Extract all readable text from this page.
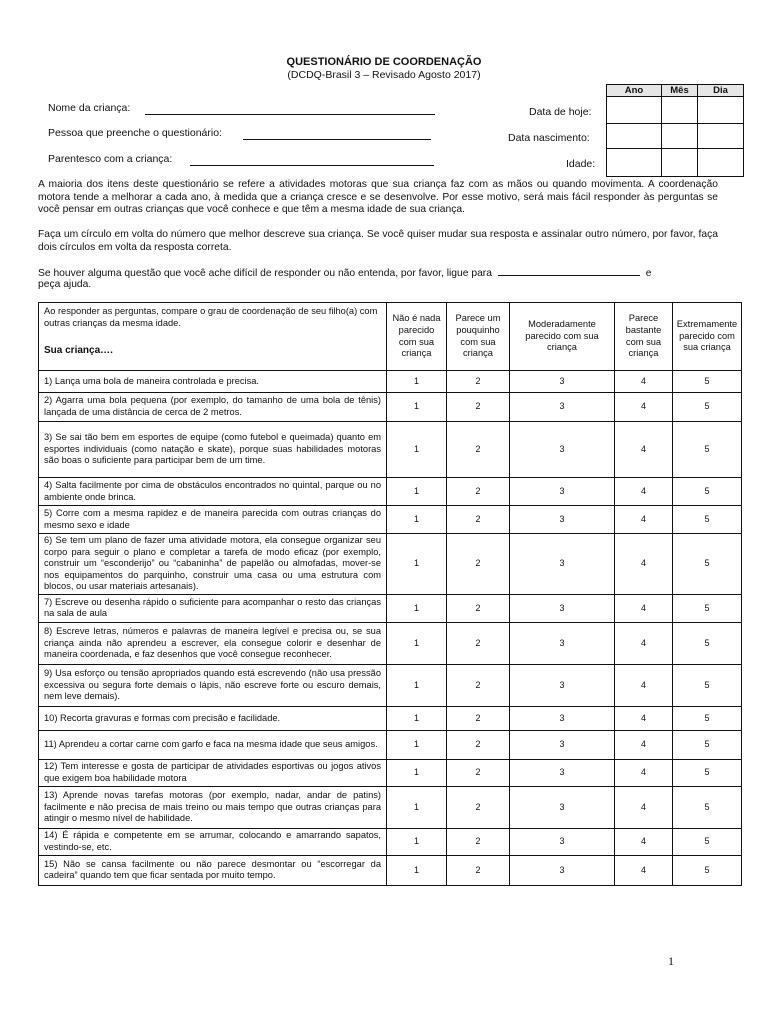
QUESTIONÁRIO DE COORDENAÇÃO
(DCDQ-Brasil 3 – Revisado Agosto 2017)
Nome da criança:
Pessoa que preenche o questionário:
Parentesco com a criança:
Data de hoje:
Data nascimento:
Idade:
Ano	Mês	Dia

A maioria dos itens deste questionário se refere a atividades motoras que sua criança faz com as mãos ou quando movimenta. A coordenação motora tende a melhorar a cada ano, à medida que a criança cresce e se desenvolve. Por esse motivo, será mais fácil responder às perguntas se você pensar em outras crianças que você conhece e que têm a mesma idade de sua criança.
Faça um círculo em volta do número que melhor descreve sua criança. Se você quiser mudar sua resposta e assinalar outro número, por favor, faça dois círculos em volta da resposta correta.
Se houver alguma questão que você ache difícil de responder ou não entenda, por favor, ligue para	e
peça ajuda.
Ao responder as perguntas, compare o grau de coordenação de seu filho(a) com outras crianças da mesma idade.
Sua criança….	Não é nada parecido com sua criança	Parece um pouquinho com sua criança	Moderadamente parecido com sua criança	Parece bastante com sua criança	Extremamente parecido com sua criança
1) Lança uma bola de maneira controlada e precisa.	1	2	3	4	5
2) Agarra uma bola pequena (por exemplo, do tamanho de uma bola de tênis) lançada de uma distância de cerca de 2 metros.	1	2	3	4	5
3) Se sai tão bem em esportes de equipe (como futebol e queimada) quanto em esportes individuais (como natação e skate), porque suas habilidades motoras são boas o suficiente para participar bem de um time.	1	2	3	4	5
4) Salta facilmente por cima de obstáculos encontrados no quintal, parque ou no ambiente onde brinca.	1	2	3	4	5
5) Corre com a mesma rapidez e de maneira parecida com outras crianças do mesmo sexo e idade	1	2	3	4	5
6) Se tem um plano de fazer uma atividade motora, ela consegue organizar seu corpo para seguir o plano e completar a tarefa de modo eficaz (por exemplo, construir um “esconderijo” ou “cabaninha” de papelão ou almofadas, mover-se nos equipamentos do parquinho, construir uma casa ou uma estrutura com blocos, ou usar materiais artesanais).	1	2	3	4	5
7) Escreve ou desenha rápido o suficiente para acompanhar o resto das crianças na sala de aula	1	2	3	4	5
8) Escreve letras, números e palavras de maneira legível e precisa ou, se sua criança ainda não aprendeu a escrever, ela consegue colorir e desenhar de maneira coordenada, e faz desenhos que você consegue reconhecer.	1	2	3	4	5
9) Usa esforço ou tensão apropriados quando está escrevendo (não usa pressão excessiva ou segura forte demais o lápis, não escreve forte ou escuro demais, nem leve demais).	1	2	3	4	5
10) Recorta gravuras e formas com precisão e facilidade.	1	2	3	4	5
11) Aprendeu a cortar carne com garfo e faca na mesma idade que seus amigos.	1	2	3	4	5
12) Tem interesse e gosta de participar de atividades esportivas ou jogos ativos que exigem boa habilidade motora	1	2	3	4	5
13) Aprende novas tarefas motoras (por exemplo, nadar, andar de patins) facilmente e não precisa de mais treino ou mais tempo que outras crianças para atingir o mesmo nível de habilidade.	1	2	3	4	5
14) É rápida e competente em se arrumar, colocando e amarrando sapatos, vestindo-se, etc.	1	2	3	4	5
15) Não se cansa facilmente ou não parece desmontar ou “escorregar da cadeira” quando tem que ficar sentada por muito tempo.	1	2	3	4	5
1
